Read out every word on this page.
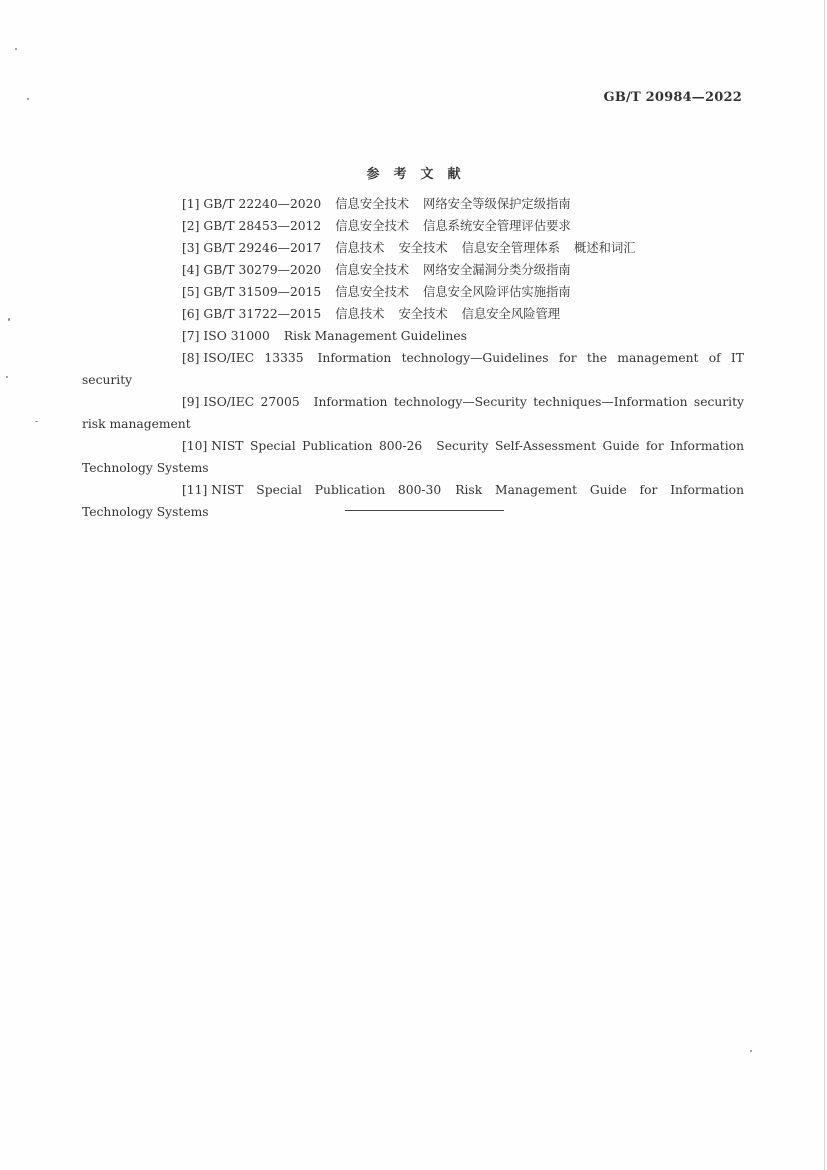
GB/T 20984—2022
参考文献

[1] GB/T 22240—2020 信息安全技术 网络安全等级保护定级指南

[2] GB/T 28453—2012 信息安全技术 信息系统安全管理评估要求

[3] GB/T 29246—2017 信息技术 安全技术 信息安全管理体系 概述和词汇

[4] GB/T 30279—2020 信息安全技术 网络安全漏洞分类分级指南

[5] GB/T 31509—2015 信息安全技术 信息安全风险评估实施指南

[6] GB/T 31722—2015 信息技术 安全技术 信息安全风险管理

[7] ISO 31000 Risk Management Guidelines

[8] ISO/IEC 13335 Information technology—Guidelines for the management of IT security

[9] ISO/IEC 27005 Information technology—Security techniques—Information security risk management

[10] NIST Special Publication 800-26 Security Self-Assessment Guide for Information Technology Systems

[11] NIST Special Publication 800-30 Risk Management Guide for Information Technology Systems
